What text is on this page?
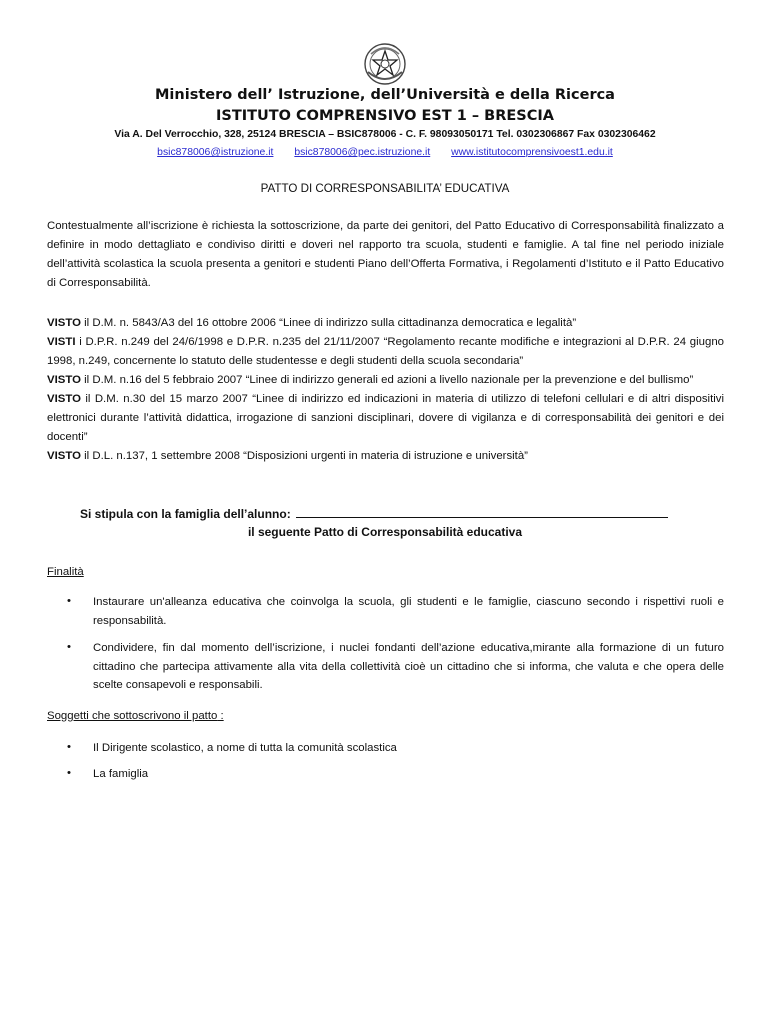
Ministero dell’ Istruzione, dell’Università e della Ricerca
ISTITUTO COMPRENSIVO EST 1 – BRESCIA
Via A. Del Verrocchio, 328, 25124 BRESCIA – BSIC878006 - C. F. 98093050171 Tel. 0302306867 Fax 0302306462
bsic878006@istruzione.it bsic878006@pec.istruzione.it www.istitutocomprensivoest1.edu.it
PATTO DI CORRESPONSABILITA’ EDUCATIVA
Contestualmente all’iscrizione è richiesta la sottoscrizione, da parte dei genitori, del Patto Educativo di Corresponsabilità finalizzato a definire in modo dettagliato e condiviso diritti e doveri nel rapporto tra scuola, studenti e famiglie. A tal fine nel periodo iniziale dell’attività scolastica la scuola presenta a genitori e studenti Piano dell’Offerta Formativa, i Regolamenti d’Istituto e il Patto Educativo di Corresponsabilità.

VISTO il D.M. n. 5843/A3 del 16 ottobre 2006 “Linee di indirizzo sulla cittadinanza democratica e legalità”

VISTI i D.P.R. n.249 del 24/6/1998 e D.P.R. n.235 del 21/11/2007 “Regolamento recante modifiche e integrazioni al D.P.R. 24 giugno 1998, n.249, concernente lo statuto delle studentesse e degli studenti della scuola secondaria”

VISTO il D.M. n.16 del 5 febbraio 2007 “Linee di indirizzo generali ed azioni a livello nazionale per la prevenzione e del bullismo”

VISTO il D.M. n.30 del 15 marzo 2007 “Linee di indirizzo ed indicazioni in materia di utilizzo di telefoni cellulari e di altri dispositivi elettronici durante l’attività didattica, irrogazione di sanzioni disciplinari, dovere di vigilanza e di corresponsabilità dei genitori e dei docenti”

VISTO il D.L. n.137, 1 settembre 2008 “Disposizioni urgenti in materia di istruzione e università”

Si stipula con la famiglia dell’alunno:
il seguente Patto di Corresponsabilità educativa
Finalità
• Instaurare un'alleanza educativa che coinvolga la scuola, gli studenti e le famiglie, ciascuno secondo i rispettivi ruoli e responsabilità.
• Condividere, fin dal momento dell’iscrizione, i nuclei fondanti dell’azione educativa,mirante alla formazione di un futuro cittadino che partecipa attivamente alla vita della collettività cioè un cittadino che si informa, che valuta e che opera delle scelte consapevoli e responsabili.
Soggetti che sottoscrivono il patto :
• Il Dirigente scolastico, a nome di tutta la comunità scolastica
• La famiglia
